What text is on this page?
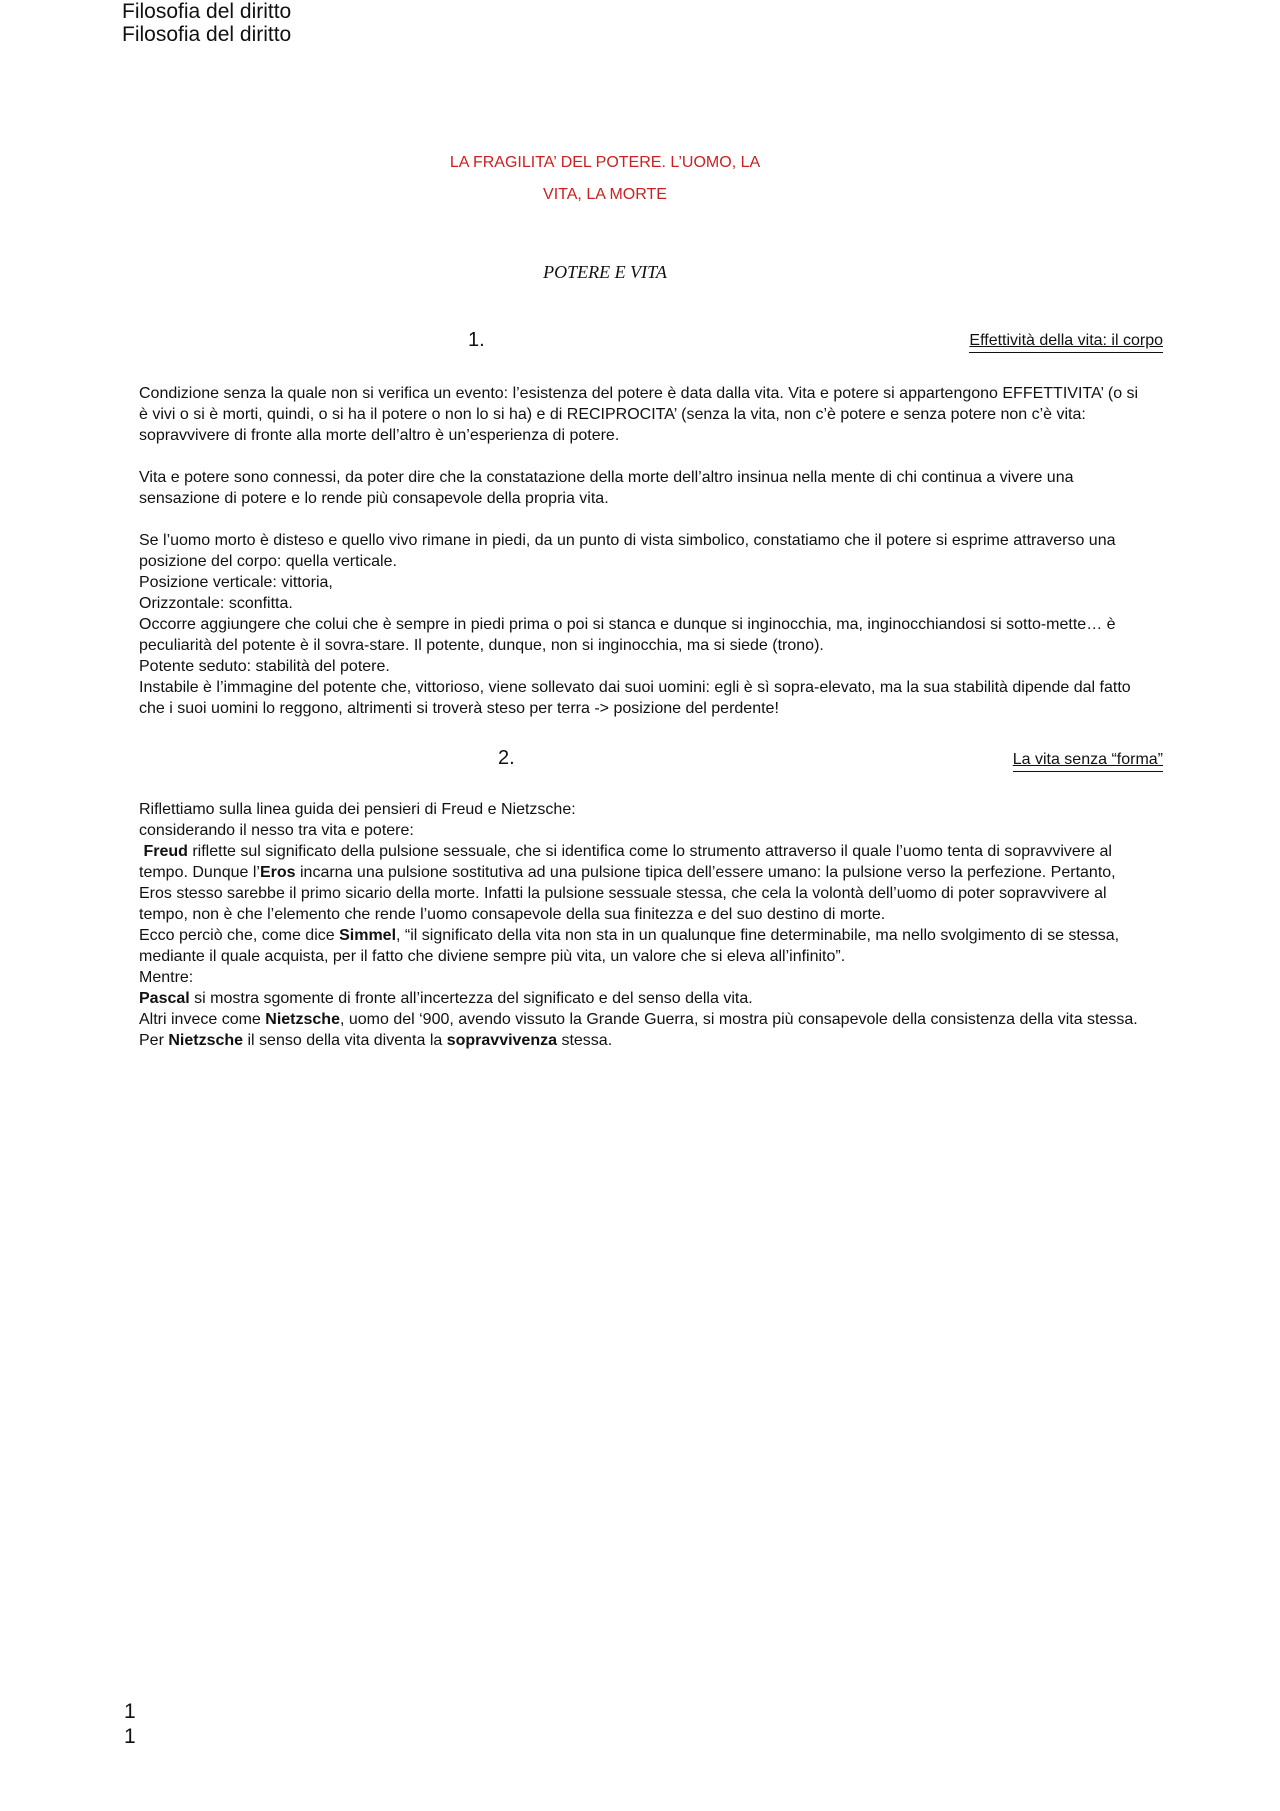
Filosofia del diritto
Filosofia del diritto
LA FRAGILITA’ DEL POTERE. L’UOMO, LA
VITA, LA MORTE
POTERE E VITA
1.	Effettività della vita: il corpo

Condizione senza la quale non si verifica un evento: l’esistenza del potere è data dalla vita. Vita e potere si appartengono EFFETTIVITA’ (o si è vivi o si è morti, quindi, o si ha il potere o non lo si ha) e di RECIPROCITA’ (senza la vita, non c’è potere e senza potere non c’è vita: sopravvivere di fronte alla morte dell’altro è un’esperienza di potere.

Vita e potere sono connessi, da poter dire che la constatazione della morte dell’altro insinua nella mente di chi continua a vivere una sensazione di potere e lo rende più consapevole della propria vita.

Se l’uomo morto è disteso e quello vivo rimane in piedi, da un punto di vista simbolico, constatiamo che il potere si esprime attraverso una posizione del corpo: quella verticale.

Posizione verticale: vittoria,

Orizzontale: sconfitta.

Occorre aggiungere che colui che è sempre in piedi prima o poi si stanca e dunque si inginocchia, ma, inginocchiandosi si sotto-mette… è peculiarità del potente è il sovra-stare. Il potente, dunque, non si inginocchia, ma si siede (trono).

Potente seduto: stabilità del potere.

Instabile è l’immagine del potente che, vittorioso, viene sollevato dai suoi uomini: egli è sì sopra-elevato, ma la sua stabilità dipende dal fatto che i suoi uomini lo reggono, altrimenti si troverà steso per terra -> posizione del perdente!

2.	La vita senza “forma”

Riflettiamo sulla linea guida dei pensieri di Freud e Nietzsche:

considerando il nesso tra vita e potere:

Freud riflette sul significato della pulsione sessuale, che si identifica come lo strumento attraverso il quale l’uomo tenta di sopravvivere al tempo. Dunque l’Eros incarna una pulsione sostitutiva ad una pulsione tipica dell’essere umano: la pulsione verso la perfezione. Pertanto, Eros stesso sarebbe il primo sicario della morte. Infatti la pulsione sessuale stessa, che cela la volontà dell’uomo di poter sopravvivere al tempo, non è che l’elemento che rende l’uomo consapevole della sua finitezza e del suo destino di morte.

Ecco perciò che, come dice Simmel, “il significato della vita non sta in un qualunque fine determinabile, ma nello svolgimento di se stessa, mediante il quale acquista, per il fatto che diviene sempre più vita, un valore che si eleva all’infinito”.

Mentre:

Pascal si mostra sgomente di fronte all’incertezza del significato e del senso della vita.

Altri invece come Nietzsche, uomo del ‘900, avendo vissuto la Grande Guerra, si mostra più consapevole della consistenza della vita stessa. Per Nietzsche il senso della vita diventa la sopravvivenza stessa.

1
1
